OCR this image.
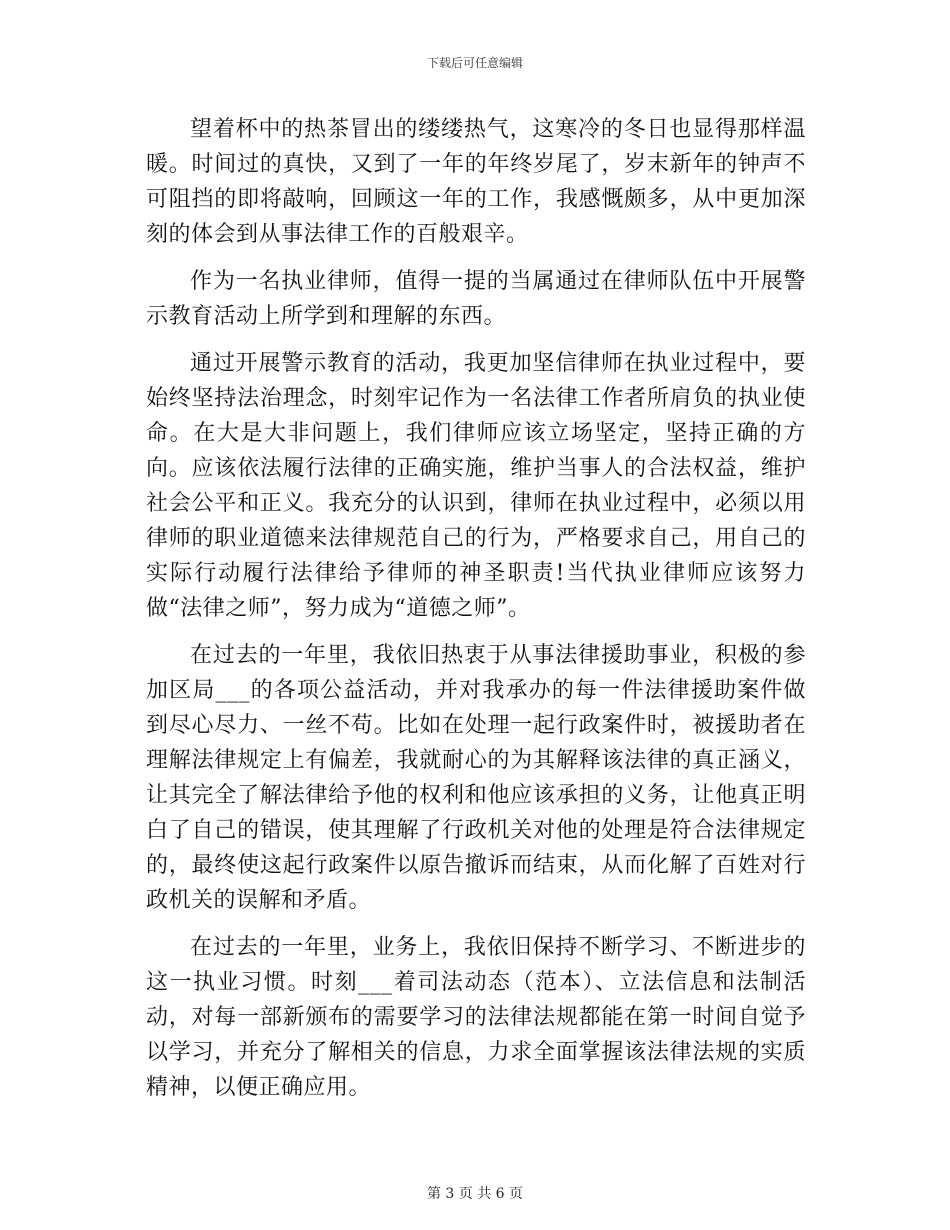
下载后可任意编辑

望着杯中的热茶冒出的缕缕热气，这寒冷的冬日也显得那样温暖。时间过的真快，又到了一年的年终岁尾了，岁末新年的钟声不可阻挡的即将敲响，回顾这一年的工作，我感慨颇多，从中更加深刻的体会到从事法律工作的百般艰辛。

作为一名执业律师，值得一提的当属通过在律师队伍中开展警示教育活动上所学到和理解的东西。

通过开展警示教育的活动，我更加坚信律师在执业过程中，要始终坚持法治理念，时刻牢记作为一名法律工作者所肩负的执业使命。在大是大非问题上，我们律师应该立场坚定，坚持正确的方向。应该依法履行法律的正确实施，维护当事人的合法权益，维护社会公平和正义。我充分的认识到，律师在执业过程中，必须以用律师的职业道德来法律规范自己的行为，严格要求自己，用自己的实际行动履行法律给予律师的神圣职责!当代执业律师应该努力做“法律之师”，努力成为“道德之师”。

在过去的一年里，我依旧热衷于从事法律援助事业，积极的参加区局___的各项公益活动，并对我承办的每一件法律援助案件做到尽心尽力、一丝不苟。比如在处理一起行政案件时，被援助者在理解法律规定上有偏差，我就耐心的为其解释该法律的真正涵义，让其完全了解法律给予他的权利和他应该承担的义务，让他真正明白了自己的错误，使其理解了行政机关对他的处理是符合法律规定的，最终使这起行政案件以原告撤诉而结束，从而化解了百姓对行政机关的误解和矛盾。

在过去的一年里，业务上，我依旧保持不断学习、不断进步的这一执业习惯。时刻___着司法动态（范本）、立法信息和法制活动，对每一部新颁布的需要学习的法律法规都能在第一时间自觉予以学习，并充分了解相关的信息，力求全面掌握该法律法规的实质精神，以便正确应用。

第 3 页 共 6 页
